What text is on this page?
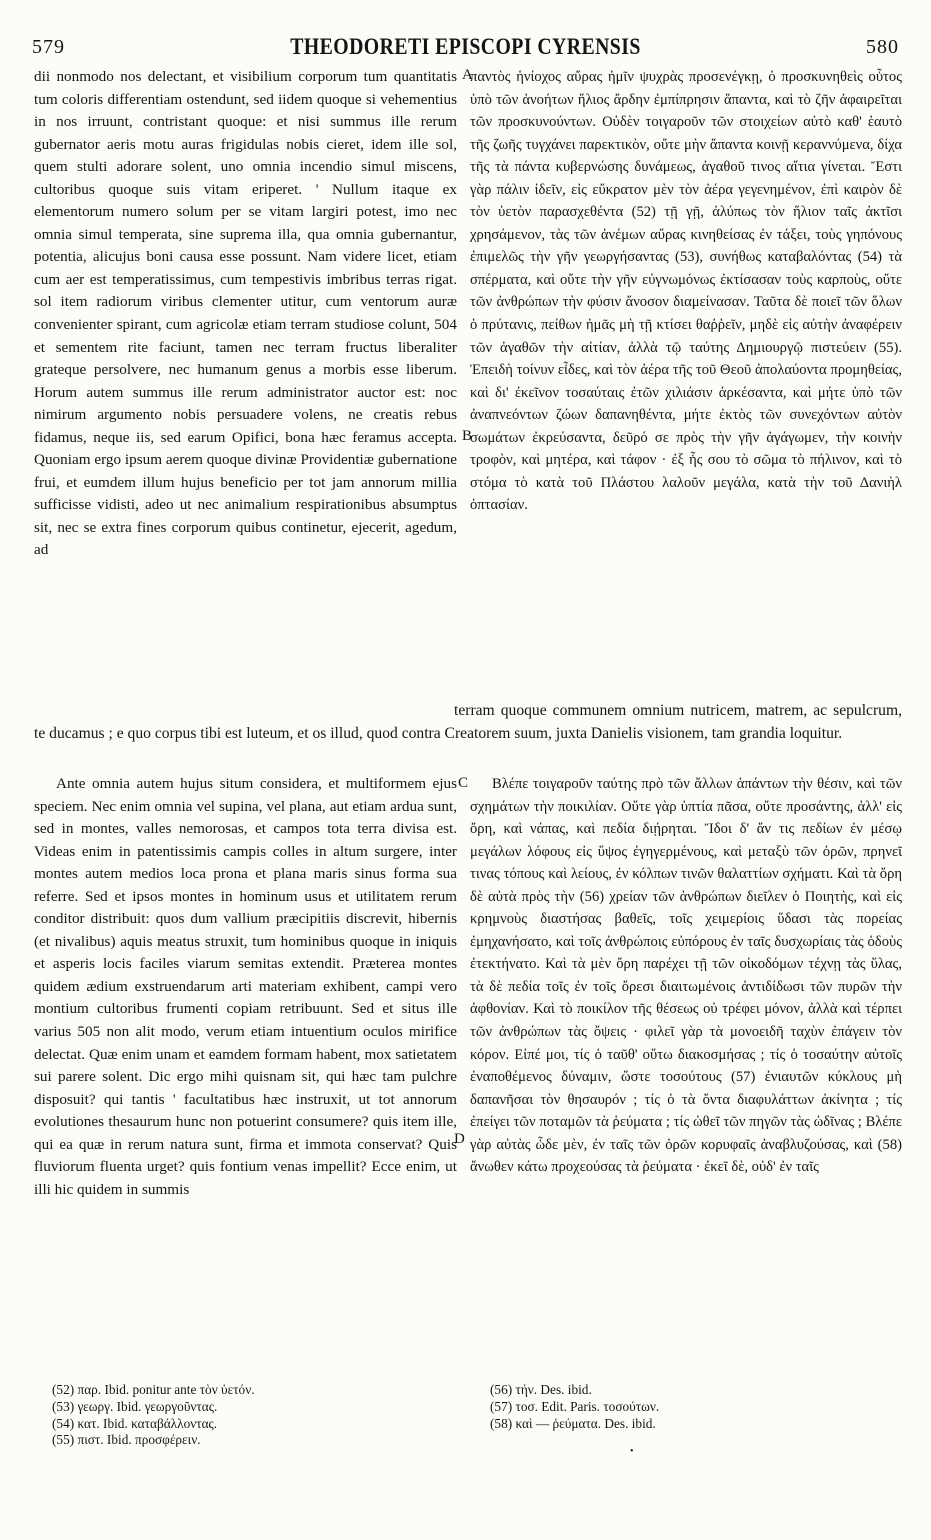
579	THEODORETI EPISCOPI CYRENSIS	580

dii nonmodo nos delectant, et visibilium corporum tum quantitatis tum coloris differentiam ostendunt, sed iidem quoque si vehementius in nos irruunt, contristant quoque: et nisi summus ille rerum gubernator aeris motu auras frigidulas nobis cieret, idem ille sol, quem stulti adorare solent, uno omnia incendio simul miscens, cultoribus quoque suis vitam eriperet. ' Nullum itaque ex elementorum numero solum per se vitam largiri potest, imo nec omnia simul temperata, sine suprema illa, qua omnia gubernantur, potentia, alicujus boni causa esse possunt. Nam videre licet, etiam cum aer est temperatissimus, cum tempestivis imbribus terras rigat. sol item radiorum viribus clementer utitur, cum ventorum auræ convenienter spirant, cum agricolæ etiam terram studiose colunt, 504 et sementem rite faciunt, tamen nec terram fructus liberaliter grateque persolvere, nec humanum genus a morbis esse liberum. Horum autem summus ille rerum administrator auctor est: noc nimirum argumento nobis persuadere volens, ne creatis rebus fidamus, neque iis, sed earum Opifici, bona hæc feramus accepta. Quoniam ergo ipsum aerem quoque divinæ Providentiæ gubernatione frui, et eumdem illum hujus beneficio per tot jam annorum millia sufficisse vidisti, adeo ut nec animalium respirationibus absumptus sit, nec se extra fines corporum quibus continetur, ejecerit, agedum, ad

παντὸς ἡνίοχος αὔρας ἡμῖν ψυχρὰς προσενέγκῃ, ὁ προσκυνηθεὶς οὗτος ὑπὸ τῶν ἀνοήτων ἥλιος ἄρδην ἐμπίπρησιν ἅπαντα, καὶ τὸ ζῆν ἀφαιρεῖται τῶν προσκυνούντων. Οὐδὲν τοιγαροῦν τῶν στοιχείων αὐτὸ καθ' ἑαυτὸ τῆς ζωῆς τυγχάνει παρεκτικὸν, οὔτε μὴν ἅπαντα κοινῇ κεραννύμενα, δίχα τῆς τὰ πάντα κυβερνώσης δυνάμεως, ἀγαθοῦ τινος αἴτια γίνεται. Ἔστι γὰρ πάλιν ἰδεῖν, εἰς εὔκρατον μὲν τὸν ἀέρα γεγενημένον, ἐπὶ καιρὸν δὲ τὸν ὑετὸν παρασχεθέντα (52) τῇ γῇ, ἀλύπως τὸν ἥλιον ταῖς ἀκτῖσι χρησάμενον, τὰς τῶν ἀνέμων αὔρας κινηθείσας ἐν τάξει, τοὺς γηπόνους ἐπιμελῶς τὴν γῆν γεωργήσαντας (53), συνήθως καταβαλόντας (54) τὰ σπέρματα, καὶ οὔτε τὴν γῆν εὐγνωμόνως ἐκτίσασαν τοὺς καρποὺς, οὔτε τῶν ἀνθρώπων τὴν φύσιν ἄνοσον διαμείνασαν. Ταῦτα δὲ ποιεῖ τῶν ὅλων ὁ πρύτανις, πείθων ἡμᾶς μὴ τῇ κτίσει θαῤῥεῖν, μηδὲ εἰς αὐτὴν ἀναφέρειν τῶν ἀγαθῶν τὴν αἰτίαν, ἀλλὰ τῷ ταύτης Δημιουργῷ πιστεύειν (55). Ἐπειδὴ τοίνυν εἶδες, καὶ τὸν ἀέρα τῆς τοῦ Θεοῦ ἀπολαύοντα προμηθείας, καὶ δι' ἐκεῖνον τοσαύταις ἐτῶν χιλιάσιν ἀρκέσαντα, καὶ μήτε ὑπὸ τῶν ἀναπνεόντων ζώων δαπανηθέντα, μήτε ἐκτὸς τῶν συνεχόντων αὐτὸν σωμάτων ἐκρεύσαντα, δεῦρό σε πρὸς τὴν γῆν ἀγάγωμεν, τὴν κοινὴν τροφὸν, καὶ μητέρα, καὶ τάφον · ἐξ ἧς σου τὸ σῶμα τὸ πήλινον, καὶ τὸ στόμα τὸ κατὰ τοῦ Πλάστου λαλοῦν μεγάλα, κατὰ τὴν τοῦ Δανιὴλ ὀπτασίαν.

A
B

terram quoque communem omnium nutricem, matrem, ac sepulcrum, te ducamus ; e quo corpus tibi est luteum, et os illud, quod contra Creatorem suum, juxta Danielis visionem, tam grandia loquitur.

C
D

Ante omnia autem hujus situm considera, et multiformem ejus speciem. Nec enim omnia vel supina, vel plana, aut etiam ardua sunt, sed in montes, valles nemorosas, et campos tota terra divisa est. Videas enim in patentissimis campis colles in altum surgere, inter montes autem medios loca prona et plana maris sinus forma sua referre. Sed et ipsos montes in hominum usus et utilitatem rerum conditor distribuit: quos dum vallium præcipitiis discrevit, hibernis (et nivalibus) aquis meatus struxit, tum hominibus quoque in iniquis et asperis locis faciles viarum semitas extendit. Præterea montes quidem ædium exstruendarum arti materiam exhibent, campi vero montium cultoribus frumenti copiam retribuunt. Sed et situs ille varius 505 non alit modo, verum etiam intuentium oculos mirifice delectat. Quæ enim unam et eamdem formam habent, mox satietatem sui parere solent. Dic ergo mihi quisnam sit, qui hæc tam pulchre disposuit? qui tantis ' facultatibus hæc instruxit, ut tot annorum evolutiones thesaurum hunc non potuerint consumere? quis item ille, qui ea quæ in rerum natura sunt, firma et immota conservat? Quis fluviorum fluenta urget? quis fontium venas impellit? Ecce enim, ut illi hic quidem in summis

Βλέπε τοιγαροῦν ταύτης πρὸ τῶν ἄλλων ἁπάντων τὴν θέσιν, καὶ τῶν σχημάτων τὴν ποικιλίαν. Οὔτε γὰρ ὑπτία πᾶσα, οὔτε προσάντης, ἀλλ' εἰς ὄρη, καὶ νάπας, καὶ πεδία διῄρηται. Ἴδοι δ' ἄν τις πεδίων ἐν μέσῳ μεγάλων λόφους εἰς ὕψος ἐγηγερμένους, καὶ μεταξὺ τῶν ὀρῶν, πρηνεῖ τινας τόπους καὶ λείους, ἐν κόλπων τινῶν θαλαττίων σχήματι. Καὶ τὰ ὄρη δὲ αὐτὰ πρὸς τὴν (56) χρείαν τῶν ἀνθρώπων διεῖλεν ὁ Ποιητὴς, καὶ εἰς κρημνοὺς διαστήσας βαθεῖς, τοῖς χειμερίοις ὕδασι τὰς πορείας ἐμηχανήσατο, καὶ τοῖς ἀνθρώποις εὐπόρους ἐν ταῖς δυσχωρίαις τὰς ὁδοὺς ἐτεκτήνατο. Καὶ τὰ μὲν ὄρη παρέχει τῇ τῶν οἰκοδόμων τέχνῃ τὰς ὕλας, τὰ δὲ πεδία τοῖς ἐν τοῖς ὄρεσι διαιτωμένοις ἀντιδίδωσι τῶν πυρῶν τὴν ἀφθονίαν. Καὶ τὸ ποικίλον τῆς θέσεως οὐ τρέφει μόνον, ἀλλὰ καὶ τέρπει τῶν ἀνθρώπων τὰς ὄψεις · φιλεῖ γὰρ τὰ μονοειδῆ ταχὺν ἐπάγειν τὸν κόρον. Εἰπέ μοι, τίς ὁ ταῦθ' οὕτω διακοσμήσας ; τίς ὁ τοσαύτην αὐτοῖς ἐναποθέμενος δύναμιν, ὥστε τοσούτους (57) ἐνιαυτῶν κύκλους μὴ δαπανῆσαι τὸν θησαυρόν ; τίς ὁ τὰ ὄντα διαφυλάττων ἀκίνητα ; τίς ἐπείγει τῶν ποταμῶν τὰ ῥεύματα ; τίς ὠθεῖ τῶν πηγῶν τὰς ὠδῖνας ; Βλέπε γὰρ αὐτὰς ὧδε μὲν, ἐν ταῖς τῶν ὀρῶν κορυφαῖς ἀναβλυζούσας, καὶ (58) ἄνωθεν κάτω προχεούσας τὰ ῥεύματα · ἐκεῖ δὲ, οὐδ' ἐν ταῖς

(52) παρ. Ibid. ponitur ante τὸν ὑετόν.
(53) γεωργ. Ibid. γεωργοῦντας.
(54) κατ. Ibid. καταβάλλοντας.
(55) πιστ. Ibid. προσφέρειν.
(56) τήν. Des. ibid.
(57) τοσ. Edit. Paris. τοσούτων.
(58) καὶ — ῥεύματα. Des. ibid.
•
